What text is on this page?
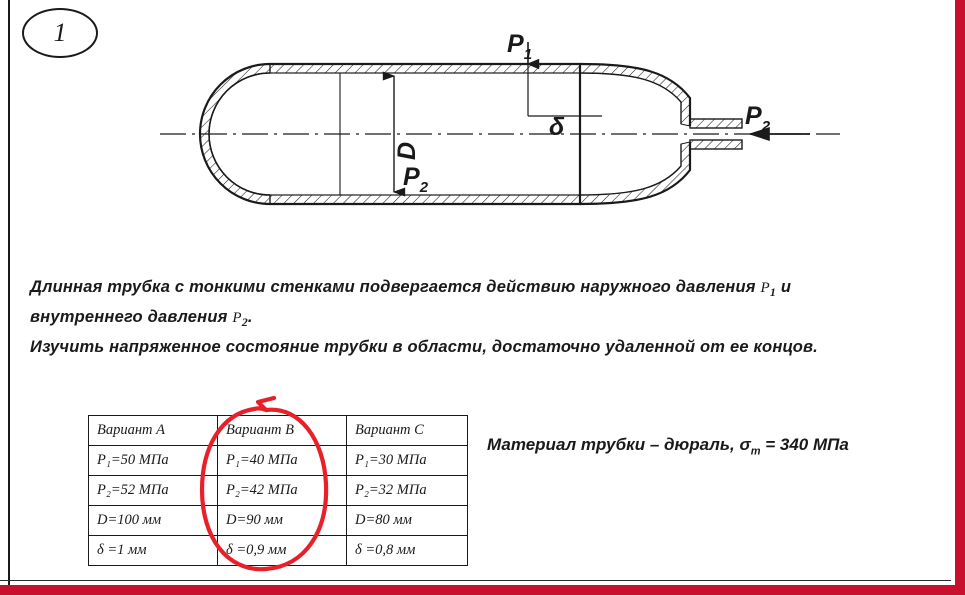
1	$P_1$
δ
D
$P_2$
$P_2$
Длинная трубка с тонкими стенками подвергается действию наружного давления $P_1$ и
внутреннего давления $P_2$.
Изучить напряженное состояние трубки в области, достаточно удаленной от ее концов.
Вариант A	Вариант B	Вариант C
P₁=50 МПа	P₁=40 МПа	P₁=30 МПа
P₂=52 МПа	P₂=42 МПа	P₂=32 МПа
D=100 мм	D=90 мм	D=80 мм
δ =1 мм	δ =0,9 мм	δ =0,8 мм
Материал трубки – дюраль, $\sigma_т = 340$ МПа
